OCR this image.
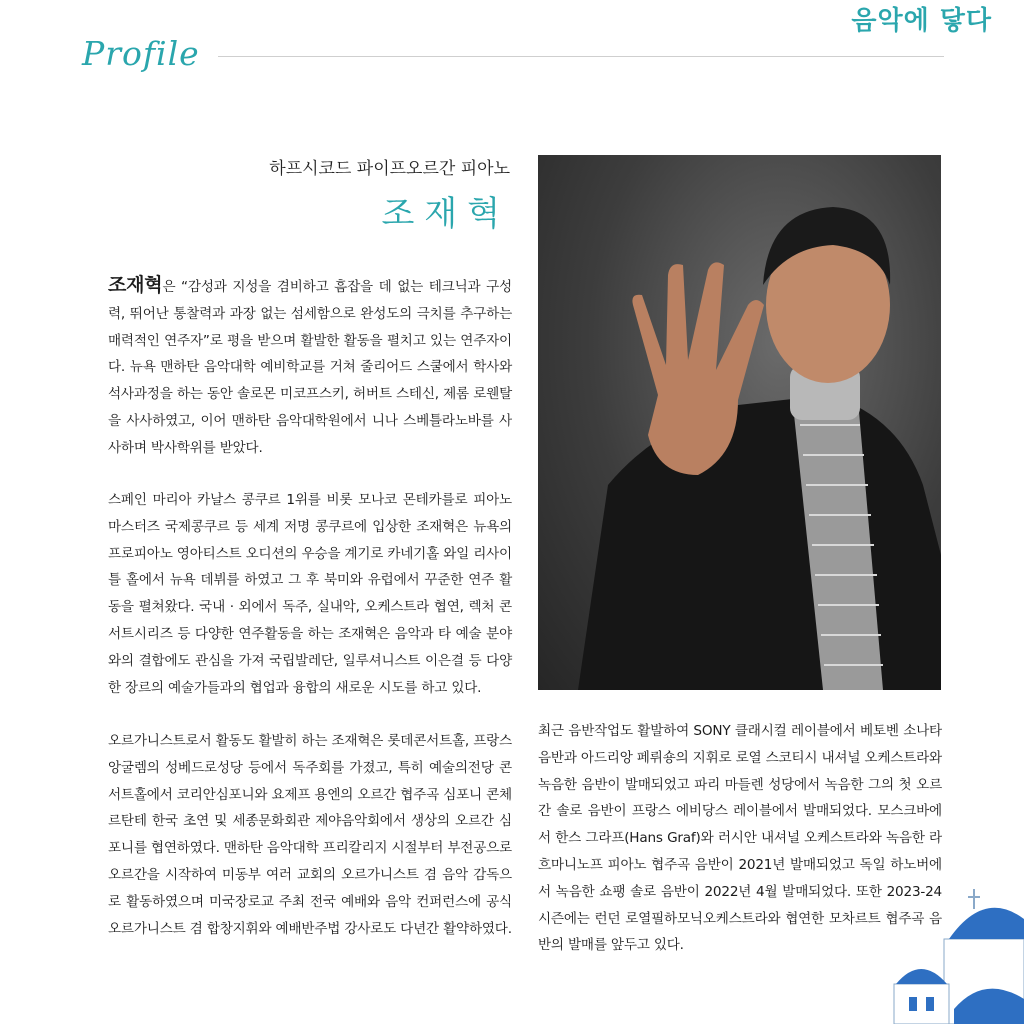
Profile
음악에 닿다
하프시코드 파이프오르간 피아노
조재혁

조재혁은 “감성과 지성을 겸비하고 흠잡을 데 없는 테크닉과 구성력, 뛰어난 통찰력과 과장 없는 섬세함으로 완성도의 극치를 추구하는 매력적인 연주자”로 평을 받으며 활발한 활동을 펼치고 있는 연주자이다. 뉴욕 맨하탄 음악대학 예비학교를 거쳐 줄리어드 스쿨에서 학사와 석사과정을 하는 동안 솔로몬 미코프스키, 허버트 스테신, 제롬 로웬탈을 사사하였고, 이어 맨하탄 음악대학원에서 니나 스베틀라노바를 사사하며 박사학위를 받았다.

스페인 마리아 카날스 콩쿠르 1위를 비롯 모나코 몬테카를로 피아노 마스터즈 국제콩쿠르 등 세계 저명 콩쿠르에 입상한 조재혁은 뉴욕의 프로피아노 영아티스트 오디션의 우승을 계기로 카네기홀 와일 리사이틀 홀에서 뉴욕 데뷔를 하였고 그 후 북미와 유럽에서 꾸준한 연주 활동을 펼쳐왔다. 국내 · 외에서 독주, 실내악, 오케스트라 협연, 렉처 콘서트시리즈 등 다양한 연주활동을 하는 조재혁은 음악과 타 예술 분야와의 결합에도 관심을 가져 국립발레단, 일루셔니스트 이은결 등 다양한 장르의 예술가들과의 협업과 융합의 새로운 시도를 하고 있다.

오르가니스트로서 활동도 활발히 하는 조재혁은 롯데콘서트홀, 프랑스 앙굴렘의 성베드로성당 등에서 독주회를 가졌고, 특히 예술의전당 콘서트홀에서 코리안심포니와 요제프 용엔의 오르간 협주곡 심포니 콘체르탄테 한국 초연 및 세종문화회관 제야음악회에서 생상의 오르간 심포니를 협연하였다. 맨하탄 음악대학 프리칼리지 시절부터 부전공으로 오르간을 시작하여 미동부 여러 교회의 오르가니스트 겸 음악 감독으로 활동하였으며 미국장로교 주최 전국 예배와 음악 컨퍼런스에 공식 오르가니스트 겸 합창지휘와 예배반주법 강사로도 다년간 활약하였다.

최근 음반작업도 활발하여 SONY 클래시컬 레이블에서 베토벤 소나타 음반과 아드리앙 페뤼숑의 지휘로 로열 스코티시 내셔널 오케스트라와 녹음한 음반이 발매되었고 파리 마들렌 성당에서 녹음한 그의 첫 오르간 솔로 음반이 프랑스 에비당스 레이블에서 발매되었다. 모스크바에서 한스 그라프(Hans Graf)와 러시안 내셔널 오케스트라와 녹음한 라흐마니노프 피아노 협주곡 음반이 2021년 발매되었고 독일 하노버에서 녹음한 쇼팽 솔로 음반이 2022년 4월 발매되었다. 또한 2023-24 시즌에는 런던 로열필하모닉오케스트라와 협연한 모차르트 협주곡 음반의 발매를 앞두고 있다.
